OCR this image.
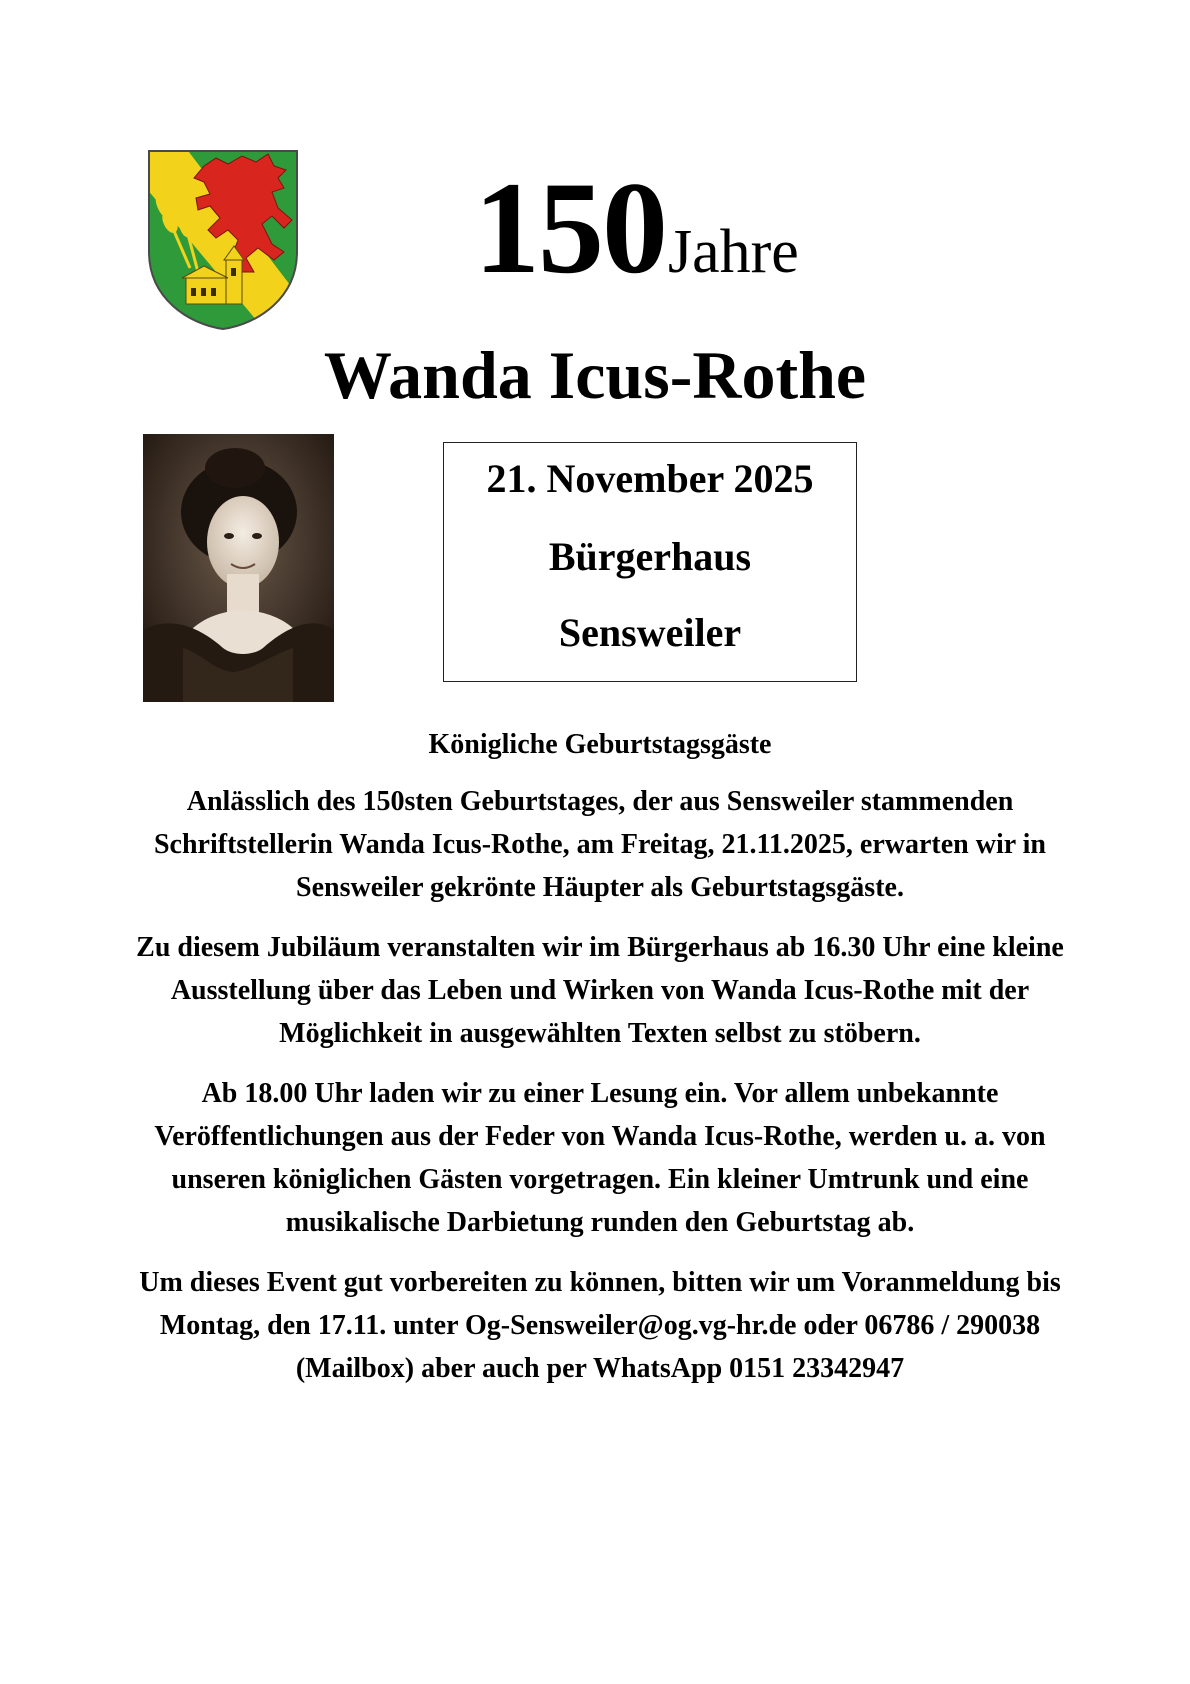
150Jahre
Wanda Icus-Rothe
21. November 2025
Bürgerhaus
Sensweiler

Königliche Geburtstagsgäste

Anlässlich des 150sten Geburtstages, der aus Sensweiler stammenden Schriftstellerin Wanda Icus-Rothe, am Freitag, 21.11.2025, erwarten wir in Sensweiler gekrönte Häupter als Geburtstagsgäste.

Zu diesem Jubiläum veranstalten wir im Bürgerhaus ab 16.30 Uhr eine kleine Ausstellung über das Leben und Wirken von Wanda Icus-Rothe mit der Möglichkeit in ausgewählten Texten selbst zu stöbern.

Ab 18.00 Uhr laden wir zu einer Lesung ein. Vor allem unbekannte Veröffentlichungen aus der Feder von Wanda Icus-Rothe, werden u. a. von unseren königlichen Gästen vorgetragen. Ein kleiner Umtrunk und eine musikalische Darbietung runden den Geburtstag ab.

Um dieses Event gut vorbereiten zu können, bitten wir um Voranmeldung bis Montag, den 17.11. unter Og-Sensweiler@og.vg-hr.de oder 06786 / 290038 (Mailbox) aber auch per WhatsApp 0151 23342947
